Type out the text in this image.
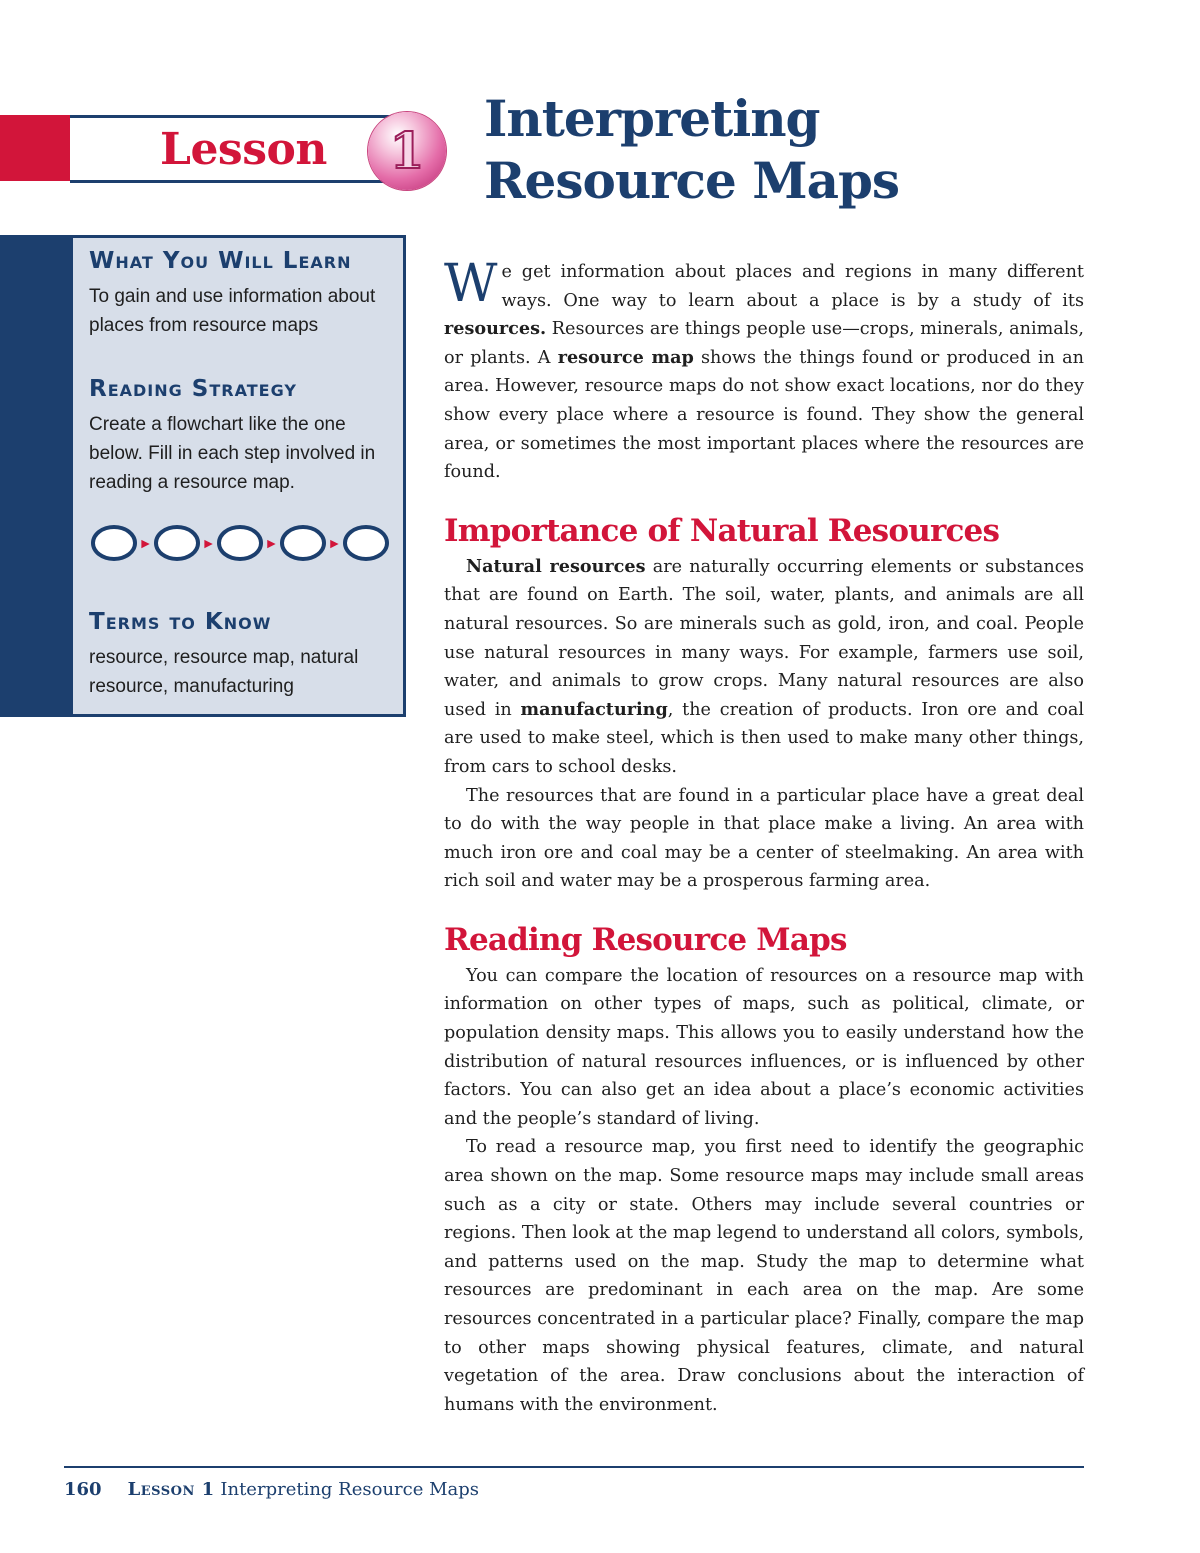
Lesson	1
Interpreting
Resource Maps

What You Will Learn

To gain and use information about places from resource maps

Reading Strategy

Create a flowchart like the one below. Fill in each step involved in reading a resource map.

►	►	►	►

Terms to Know

resource, resource map, natural resource, manufacturing

We get information about places and regions in many different ways. One way to learn about a place is by a study of its resources. Resources are things people use—crops, minerals, animals, or plants. A resource map shows the things found or produced in an area. However, resource maps do not show exact locations, nor do they show every place where a resource is found. They show the general area, or sometimes the most important places where the resources are found.

Importance of Natural Resources

Natural resources are naturally occurring elements or substances that are found on Earth. The soil, water, plants, and animals are all natural resources. So are minerals such as gold, iron, and coal. People use natural resources in many ways. For example, farmers use soil, water, and animals to grow crops. Many natural resources are also used in manufacturing, the creation of products. Iron ore and coal are used to make steel, which is then used to make many other things, from cars to school desks.

The resources that are found in a particular place have a great deal to do with the way people in that place make a living. An area with much iron ore and coal may be a center of steelmaking. An area with rich soil and water may be a prosperous farming area.

Reading Resource Maps

You can compare the location of resources on a resource map with information on other types of maps, such as political, climate, or population density maps. This allows you to easily understand how the distribution of natural resources influences, or is influenced by other factors. You can also get an idea about a place’s economic activities and the people’s standard of living.

To read a resource map, you first need to identify the geographic area shown on the map. Some resource maps may include small areas such as a city or state. Others may include several countries or regions. Then look at the map legend to understand all colors, symbols, and patterns used on the map. Study the map to determine what resources are predominant in each area on the map. Are some resources concentrated in a particular place? Finally, compare the map to other maps showing physical features, climate, and natural vegetation of the area. Draw conclusions about the interaction of humans with the environment.

160 Lesson 1 Interpreting Resource Maps
